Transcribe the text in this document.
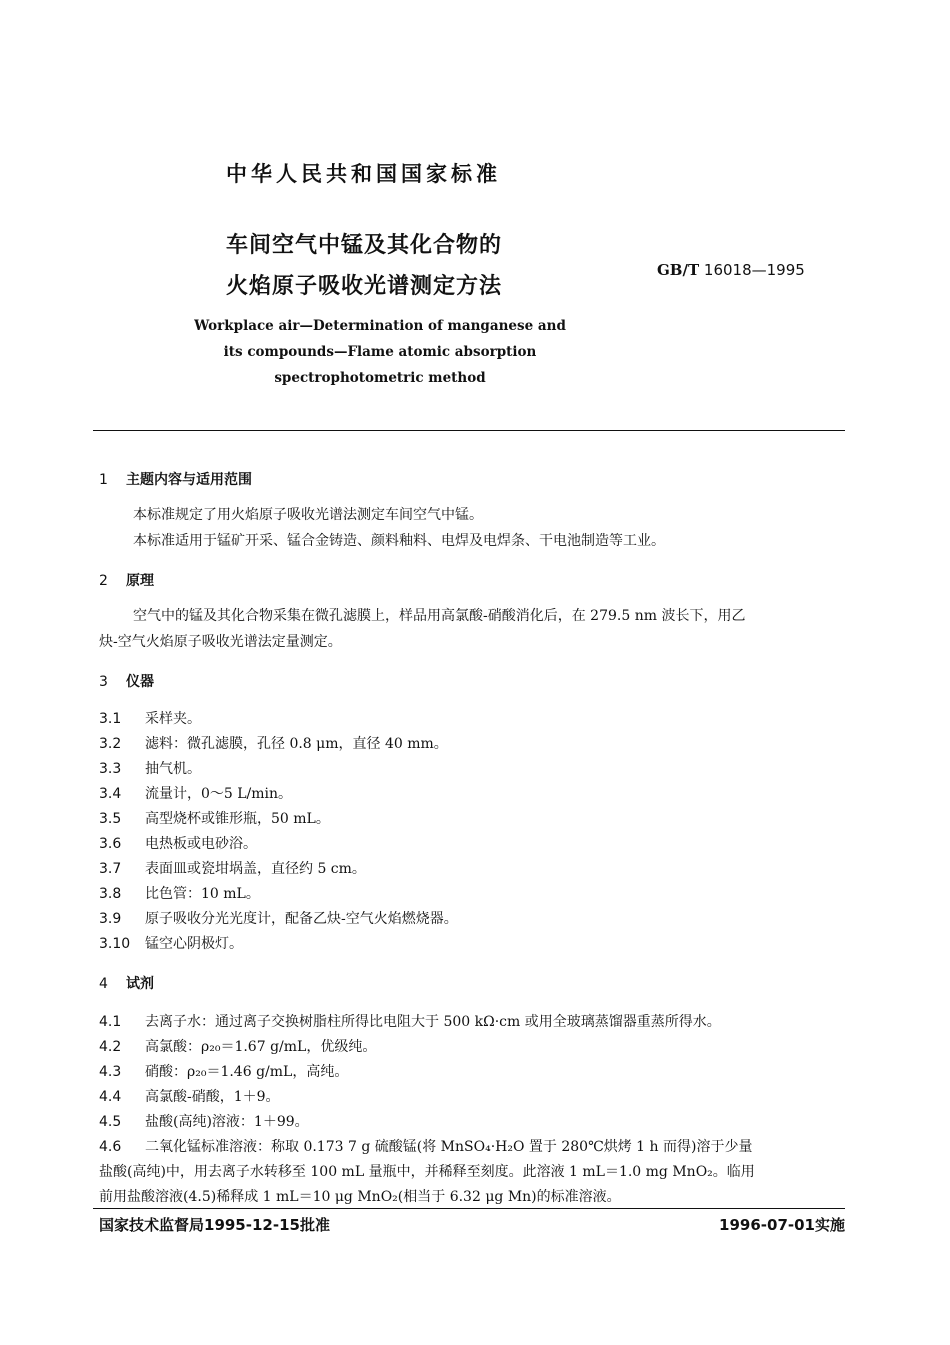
中华人民共和国国家标准
车间空气中锰及其化合物的
火焰原子吸收光谱测定方法
GB/T 16018—1995
Workplace air—Determination of manganese and
its compounds—Flame atomic absorption
spectrophotometric method
1 主题内容与适用范围
本标准规定了用火焰原子吸收光谱法测定车间空气中锰。
本标准适用于锰矿开采、锰合金铸造、颜料釉料、电焊及电焊条、干电池制造等工业。
2 原理
空气中的锰及其化合物采集在微孔滤膜上，样品用高氯酸-硝酸消化后，在 279.5 nm 波长下，用乙
炔-空气火焰原子吸收光谱法定量测定。
3 仪器
3.1 采样夹。
3.2 滤料：微孔滤膜，孔径 0.8 μm，直径 40 mm。
3.3 抽气机。
3.4 流量计，0～5 L/min。
3.5 高型烧杯或锥形瓶，50 mL。
3.6 电热板或电砂浴。
3.7 表面皿或瓷坩埚盖，直径约 5 cm。
3.8 比色管：10 mL。
3.9 原子吸收分光光度计，配备乙炔-空气火焰燃烧器。
3.10 锰空心阴极灯。
4 试剂
4.1 去离子水：通过离子交换树脂柱所得比电阻大于 500 kΩ·cm 或用全玻璃蒸馏器重蒸所得水。
4.2 高氯酸：ρ₂₀＝1.67 g/mL，优级纯。
4.3 硝酸：ρ₂₀＝1.46 g/mL，高纯。
4.4 高氯酸-硝酸，1＋9。
4.5 盐酸(高纯)溶液：1＋99。
4.6 二氧化锰标准溶液：称取 0.173 7 g 硫酸锰(将 MnSO₄·H₂O 置于 280℃烘烤 1 h 而得)溶于少量
盐酸(高纯)中，用去离子水转移至 100 mL 量瓶中，并稀释至刻度。此溶液 1 mL＝1.0 mg MnO₂。临用
前用盐酸溶液(4.5)稀释成 1 mL＝10 μg MnO₂(相当于 6.32 μg Mn)的标准溶液。
国家技术监督局1995-12-15批准	1996-07-01实施
